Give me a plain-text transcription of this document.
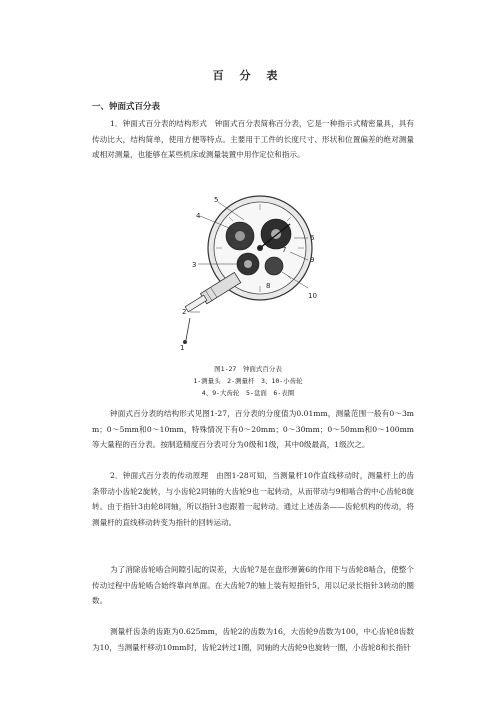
百 分 表
一、钟面式百分表
1．钟面式百分表的结构形式　钟面式百分表简称百分表，它是一种指示式精密量具，具有传动比大，结构简单，使用方便等特点。主要用于工件的长度尺寸、形状和位置偏差的绝对测量或相对测量，也能够在某些机床或测量装置中用作定位和指示。
4
5
6
9
10
3
2
1
7
8
图1-27　钟面式百分表
1-测量头　2-测量杆　3、10-小齿轮
4、9-大齿轮　5-盘面　6-表圈
钟面式百分表的结构形式见图1-27，百分表的分度值为0.01mm，测量范围一般有0～3mm；0～5mm和0～10mm，特殊情况下有0～20mm；0～30mm；0～50mm和0～100mm等大量程的百分表。按制造精度百分表可分为0级和1级，其中0级最高，1级次之。
2．钟面式百分表的传动原理　由图1-28可知，当测量杆10作直线移动时，测量杆上的齿条带动小齿轮2旋转，与小齿轮2同轴的大齿轮9也一起转动，从而带动与9相啮合的中心齿轮8旋转。由于指针3由轮8同轴，所以指针3也跟着一起转动。通过上述齿条——齿轮机构的传动，将测量杆的直线移动转变为指针的回转运动。
为了消除齿轮啮合间隙引起的误差，大齿轮7是在盘形弹簧6的作用下与齿轮8啮合，使整个传动过程中齿轮啮合始终靠向单面。在大齿轮7的轴上装有短指针5，用以记录长指针3转动的圈数。
测量杆齿条的齿距为0.625mm，齿轮2的齿数为16，大齿轮9齿数为100，中心齿轮8齿数为10，当测量杆移动10mm时，齿轮2转过1圈，同轴的大齿轮9也旋转一圈，小齿轮8和长指针
